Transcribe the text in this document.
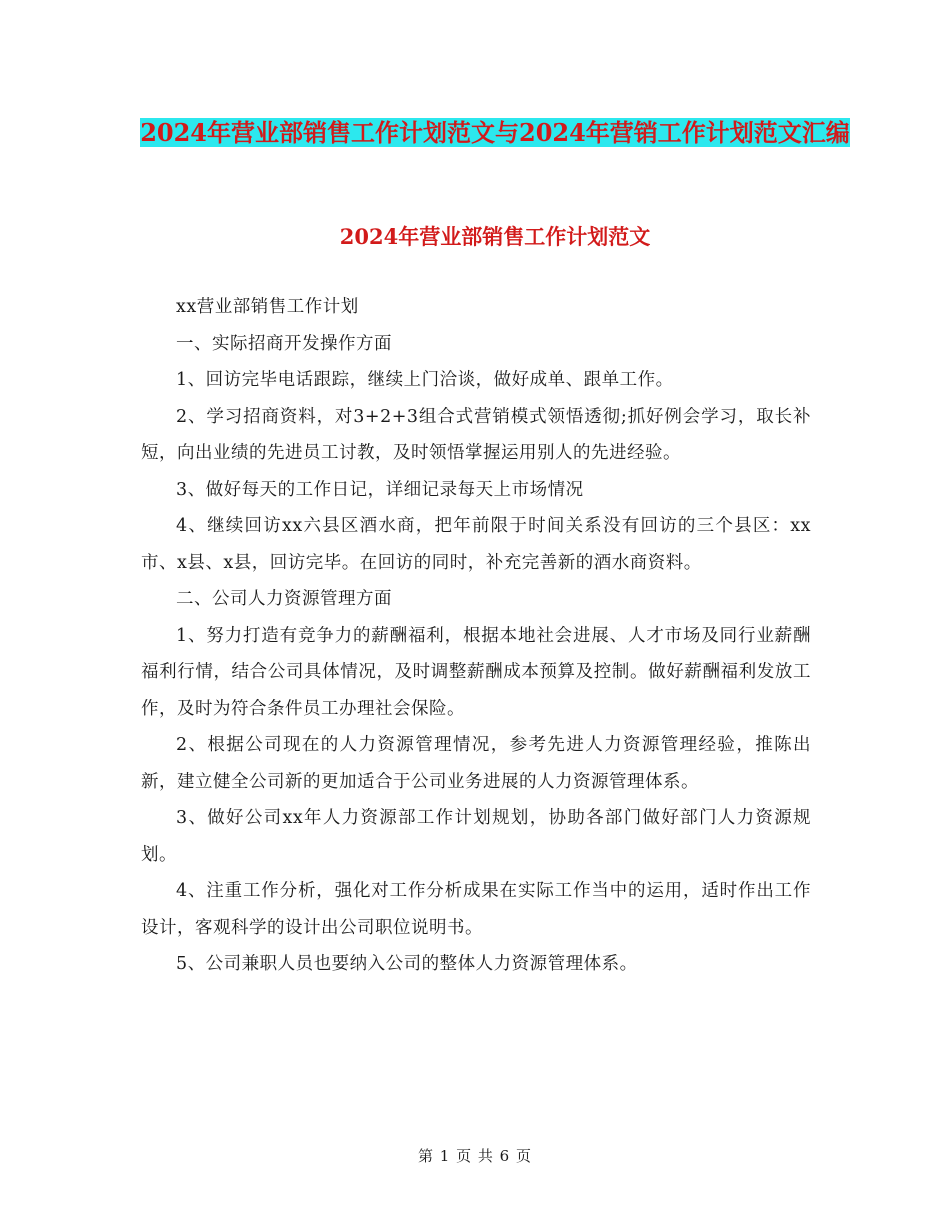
2024年营业部销售工作计划范文与2024年营销工作计划范文汇编
2024年营业部销售工作计划范文

xx营业部销售工作计划

一、实际招商开发操作方面

1、回访完毕电话跟踪，继续上门洽谈，做好成单、跟单工作。

2、学习招商资料，对3+2+3组合式营销模式领悟透彻;抓好例会学习，取长补短，向出业绩的先进员工讨教，及时领悟掌握运用别人的先进经验。

3、做好每天的工作日记，详细记录每天上市场情况

4、继续回访xx六县区酒水商，把年前限于时间关系没有回访的三个县区：xx市、x县、x县，回访完毕。在回访的同时，补充完善新的酒水商资料。

二、公司人力资源管理方面

1、努力打造有竞争力的薪酬福利，根据本地社会进展、人才市场及同行业薪酬福利行情，结合公司具体情况，及时调整薪酬成本预算及控制。做好薪酬福利发放工作，及时为符合条件员工办理社会保险。

2、根据公司现在的人力资源管理情况，参考先进人力资源管理经验，推陈出新，建立健全公司新的更加适合于公司业务进展的人力资源管理体系。

3、做好公司xx年人力资源部工作计划规划，协助各部门做好部门人力资源规划。

4、注重工作分析，强化对工作分析成果在实际工作当中的运用，适时作出工作设计，客观科学的设计出公司职位说明书。

5、公司兼职人员也要纳入公司的整体人力资源管理体系。

第 1 页 共 6 页
